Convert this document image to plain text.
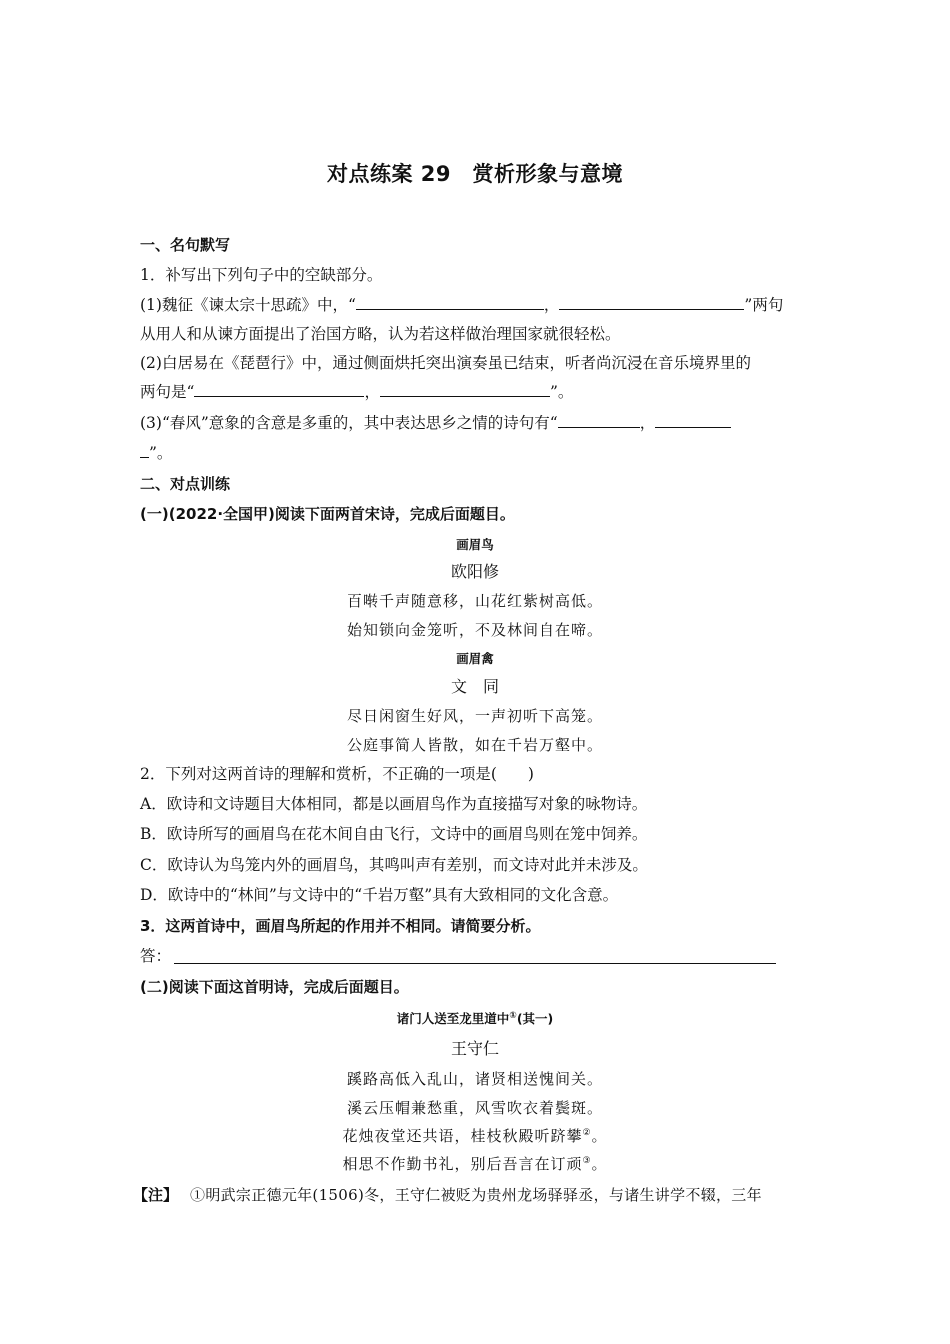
对点练案 29　赏析形象与意境
一、名句默写
1．补写出下列句子中的空缺部分。
(1)魏征《谏太宗十思疏》中，“	，	”两句
从用人和从谏方面提出了治国方略，认为若这样做治理国家就很轻松。
(2)白居易在《琵琶行》中，通过侧面烘托突出演奏虽已结束，听者尚沉浸在音乐境界里的
两句是“	，	”。
(3)“春风”意象的含意是多重的，其中表达思乡之情的诗句有“	，
”。
二、对点训练
(一)(2022·全国甲)阅读下面两首宋诗，完成后面题目。
画眉鸟
欧阳修
百啭千声随意移，山花红紫树高低。
始知锁向金笼听，不及林间自在啼。
画眉禽
文　同
尽日闲窗生好风，一声初听下高笼。
公庭事简人皆散，如在千岩万壑中。
2．下列对这两首诗的理解和赏析，不正确的一项是(　　)
A．欧诗和文诗题目大体相同，都是以画眉鸟作为直接描写对象的咏物诗。
B．欧诗所写的画眉鸟在花木间自由飞行，文诗中的画眉鸟则在笼中饲养。
C．欧诗认为鸟笼内外的画眉鸟，其鸣叫声有差别，而文诗对此并未涉及。
D．欧诗中的“林间”与文诗中的“千岩万壑”具有大致相同的文化含意。
3．这两首诗中，画眉鸟所起的作用并不相同。请简要分析。
答：
(二)阅读下面这首明诗，完成后面题目。
诸门人送至龙里道中①(其一)
王守仁
蹊路高低入乱山，诸贤相送愧间关。
溪云压帽兼愁重，风雪吹衣着鬓斑。
花烛夜堂还共语，桂枝秋殿听跻攀②。
相思不作勤书礼，别后吾言在订顽③。
【注】 ①明武宗正德元年(1506)冬，王守仁被贬为贵州龙场驿驿丞，与诸生讲学不辍，三年
